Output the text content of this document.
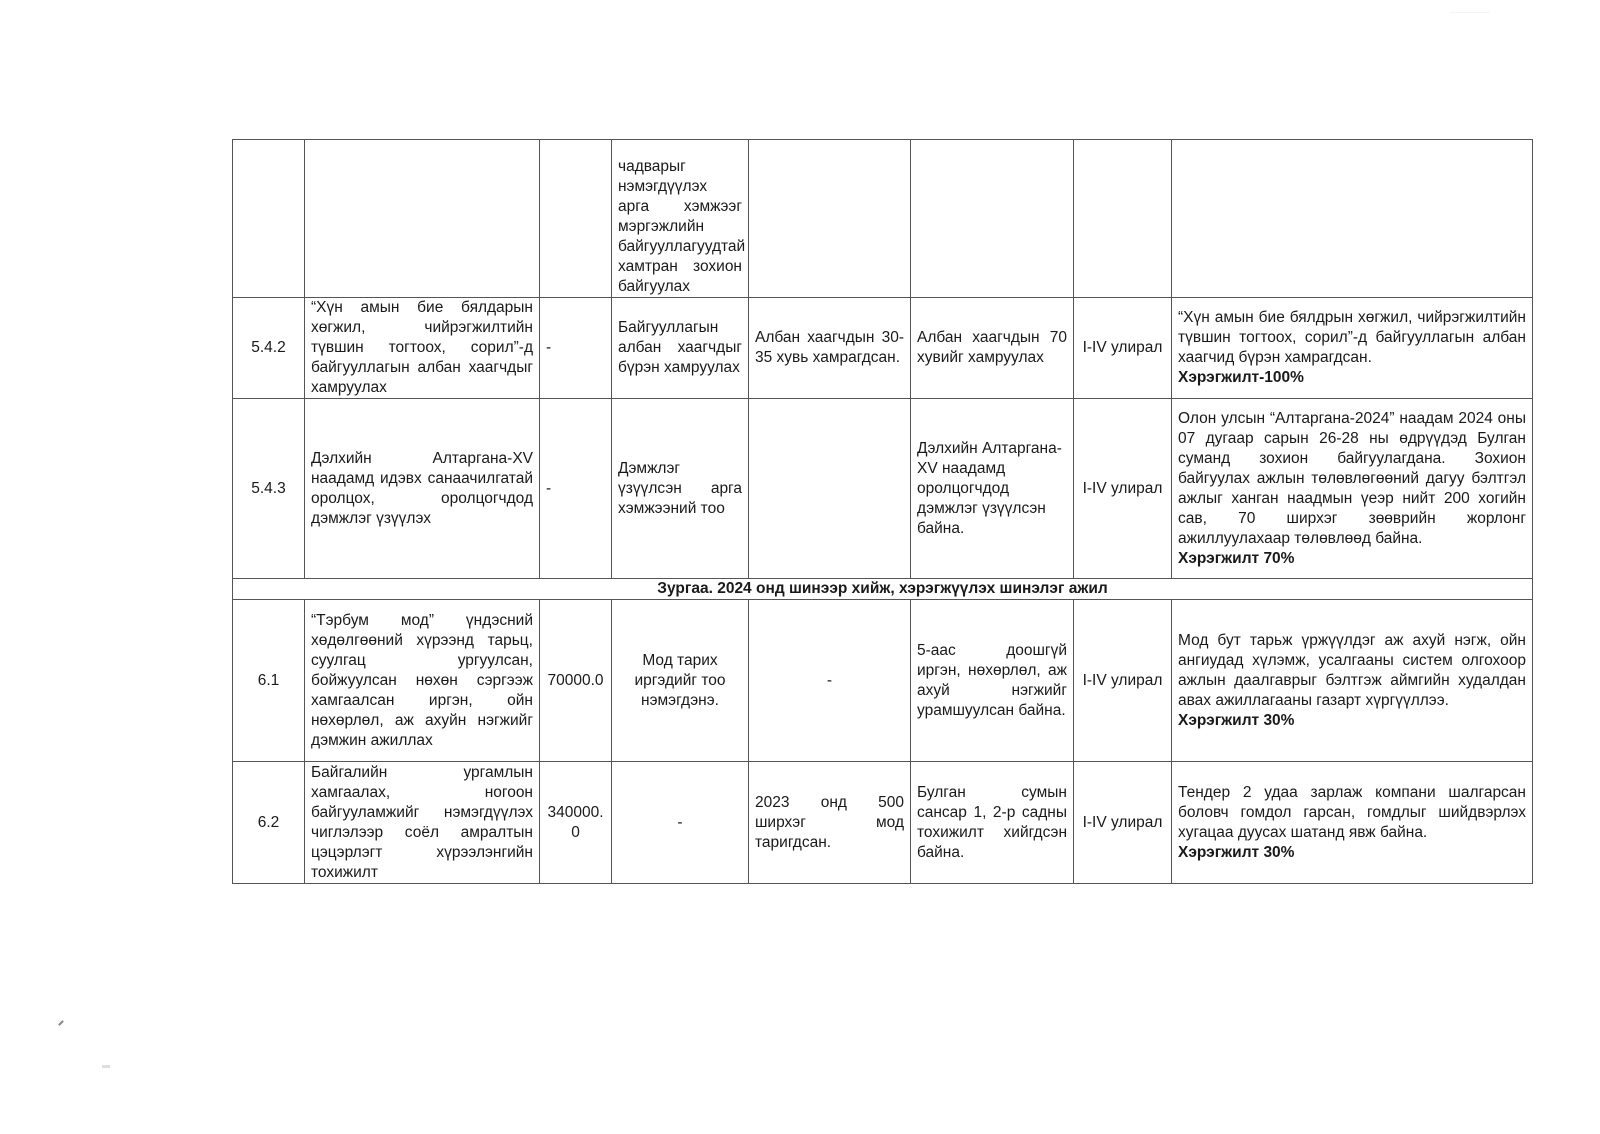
			чадварыг нэмэгдүүлэх арга хэмжээг мэргэжлийн байгууллагуудтай хамтран зохион байгуулах				
5.4.2	“Хүн амын бие бялдарын хөгжил, чийрэгжилтийн түвшин тогтоох, сорил”-д байгууллагын албан хаагчдыг хамруулах	-	Байгууллагын албан хаагчдыг бүрэн хамруулах	Албан хаагчдын 30-35 хувь хамрагдсан.	Албан хаагчдын 70 хувийг хамруулах	I-IV улирал	“Хүн амын бие бялдрын хөгжил, чийрэгжилтийн түвшин тогтоох, сорил”-д байгууллагын албан хаагчид бүрэн хамрагдсан.
Хэрэгжилт-100%

5.4.3	Дэлхийн Алтаргана-XV наадамд идэвх санаачилгатай оролцох, оролцогчдод дэмжлэг үзүүлэх	-	Дэмжлэг үзүүлсэн арга хэмжээний тоо		Дэлхийн Алтаргана-XV наадамд оролцогчдод дэмжлэг үзүүлсэн байна.	I-IV улирал	Олон улсын “Алтаргана-2024” наадам 2024 оны 07 дугаар сарын 26-28 ны өдрүүдэд Булган суманд зохион байгуулагдана. Зохион байгуулах ажлын төлөвлөгөөний дагуу бэлтгэл ажлыг ханган наадмын үеэр нийт 200 хогийн сав, 70 ширхэг зөөврийн жорлонг ажиллуулахаар төлөвлөөд байна.
Хэрэгжилт 70%

Зургаа. 2024 онд шинээр хийж, хэрэгжүүлэх шинэлэг ажил							
6.1	“Тэрбум мод” үндэсний хөдөлгөөний хүрээнд тарьц, суулгац ургуулсан, бойжуулсан нөхөн сэргээж хамгаалсан иргэн, ойн нөхөрлөл, аж ахуйн нэгжийг дэмжин ажиллах	70000.0	Мод тарих иргэдийг тоо нэмэгдэнэ.	-	5-аас доошгүй иргэн, нөхөрлөл, аж ахуй нэгжийг урамшуулсан байна.	I-IV улирал	Мод бут тарьж үржүүлдэг аж ахуй нэгж, ойн ангиудад хүлэмж, усалгааны систем олгохоор ажлын даалгаврыг бэлтгэж аймгийн худалдан авах ажиллагааны газарт хүргүүллээ.
Хэрэгжилт 30%

6.2	Байгалийн ургамлын хамгаалах, ногоон байгууламжийг нэмэгдүүлэх чиглэлээр соёл амралтын цэцэрлэгт хүрээлэнгийн тохижилт	340000.0	-	2023 онд 500 ширхэг мод таригдсан.	Булган сумын сансар 1, 2-р садны тохижилт хийгдсэн байна.	I-IV улирал	Тендер 2 удаа зарлаж компани шалгарсан боловч гомдол гарсан, гомдлыг шийдвэрлэх хугацаа дуусах шатанд явж байна.
Хэрэгжилт 30%
